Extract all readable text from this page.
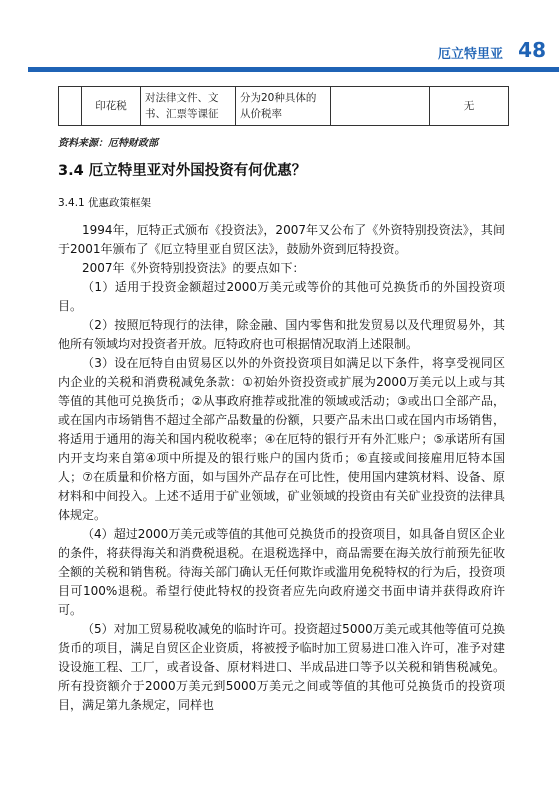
厄立特里亚 48
	印花税	对法律文件、文书、汇票等课征	分为20种具体的从价税率		无
资料来源：厄特财政部
3.4 厄立特里亚对外国投资有何优惠？
3.4.1 优惠政策框架

1994年，厄特正式颁布《投资法》，2007年又公布了《外资特别投资法》，其间于2001年颁布了《厄立特里亚自贸区法》，鼓励外资到厄特投资。

2007年《外资特别投资法》的要点如下：

（1）适用于投资金额超过2000万美元或等价的其他可兑换货币的外国投资项目。

（2）按照厄特现行的法律，除金融、国内零售和批发贸易以及代理贸易外，其他所有领域均对投资者开放。厄特政府也可根据情况取消上述限制。

（3）设在厄特自由贸易区以外的外资投资项目如满足以下条件，将享受视同区内企业的关税和消费税减免条款：①初始外资投资或扩展为2000万美元以上或与其等值的其他可兑换货币；②从事政府推荐或批准的领域或活动；③或出口全部产品，或在国内市场销售不超过全部产品数量的份额，只要产品未出口或在国内市场销售，将适用于通用的海关和国内税收税率；④在厄特的银行开有外汇账户；⑤承诺所有国内开支均来自第④项中所提及的银行账户的国内货币；⑥直接或间接雇用厄特本国人；⑦在质量和价格方面，如与国外产品存在可比性，使用国内建筑材料、设备、原材料和中间投入。上述不适用于矿业领域，矿业领域的投资由有关矿业投资的法律具体规定。

（4）超过2000万美元或等值的其他可兑换货币的投资项目，如具备自贸区企业的条件，将获得海关和消费税退税。在退税选择中，商品需要在海关放行前预先征收全额的关税和销售税。待海关部门确认无任何欺诈或滥用免税特权的行为后，投资项目可100%退税。希望行使此特权的投资者应先向政府递交书面申请并获得政府许可。

（5）对加工贸易税收减免的临时许可。投资超过5000万美元或其他等值可兑换货币的项目，满足自贸区企业资质，将被授予临时加工贸易进口准入许可，准予对建设设施工程、工厂，或者设备、原材料进口、半成品进口等予以关税和销售税减免。所有投资额介于2000万美元到5000万美元之间或等值的其他可兑换货币的投资项目，满足第九条规定，同样也
